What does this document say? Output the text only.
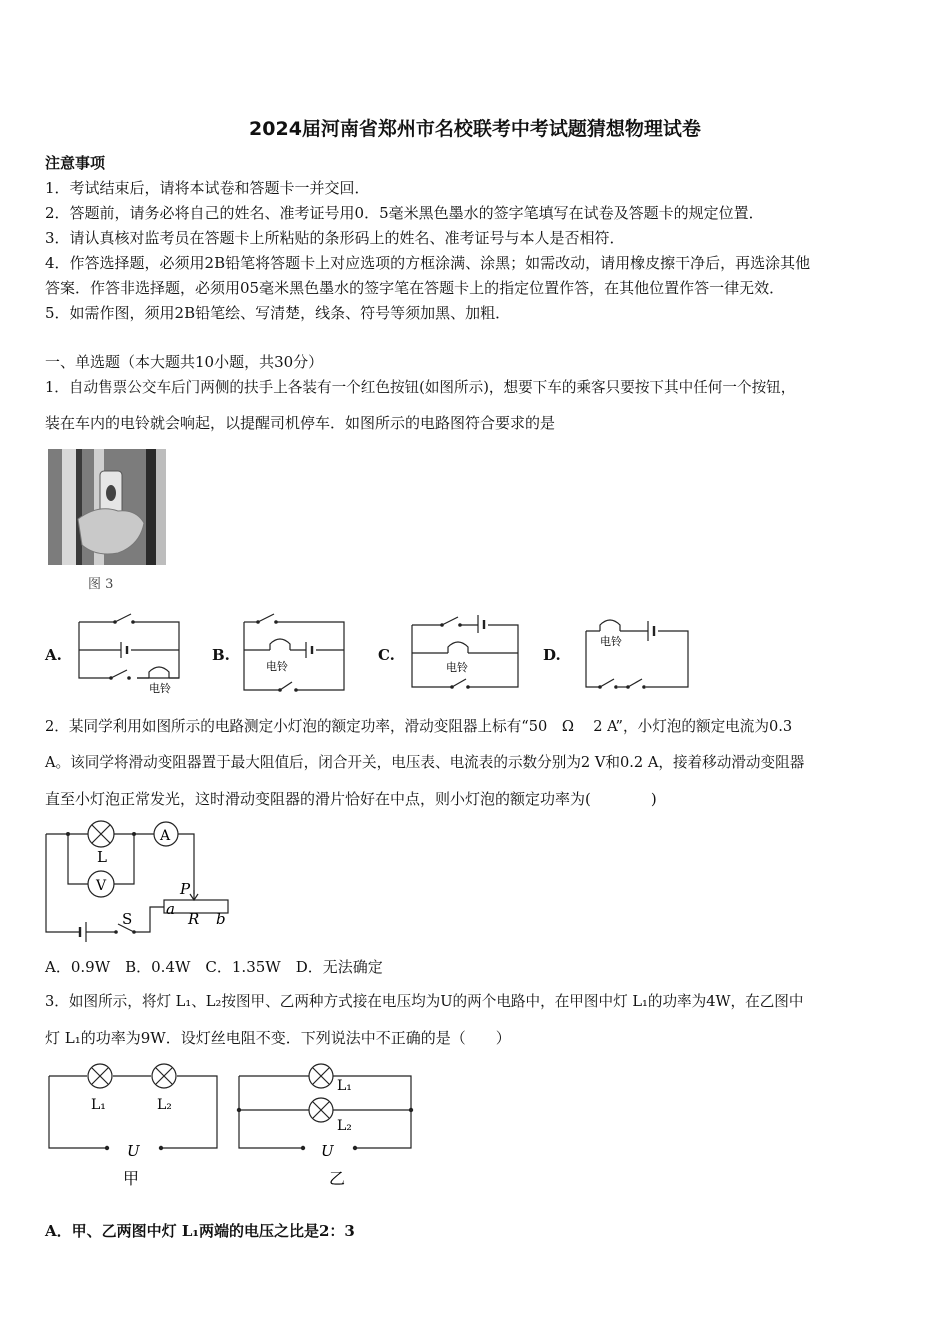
2024届河南省郑州市名校联考中考试题猜想物理试卷
注意事项
1．考试结束后，请将本试卷和答题卡一并交回．
2．答题前，请务必将自己的姓名、准考证号用0．5毫米黑色墨水的签字笔填写在试卷及答题卡的规定位置．
3．请认真核对监考员在答题卡上所粘贴的条形码上的姓名、准考证号与本人是否相符．
4．作答选择题，必须用2B铅笔将答题卡上对应选项的方框涂满、涂黑；如需改动，请用橡皮擦干净后，再选涂其他
答案．作答非选择题，必须用05毫米黑色墨水的签字笔在答题卡上的指定位置作答，在其他位置作答一律无效．
5．如需作图，须用2B铅笔绘、写清楚，线条、符号等须加黑、加粗．
一、单选题（本大题共10小题，共30分）
1．自动售票公交车后门两侧的扶手上各装有一个红色按钮(如图所示)，想要下车的乘客只要按下其中任何一个按钮，
装在车内的电铃就会响起，以提醒司机停车．如图所示的电路图符合要求的是
图 3
A.	B.	C.	D.
电铃
电铃	电铃
电铃
2．某同学利用如图所示的电路测定小灯泡的额定功率，滑动变阻器上标有“50　Ω　 2 A”，小灯泡的额定电流为0.3
A。该同学将滑动变阻器置于最大阻值后，闭合开关，电压表、电流表的示数分别为2 V和0.2 A，接着移动滑动变阻器
直至小灯泡正常发光，这时滑动变阻器的滑片恰好在中点，则小灯泡的额定功率为(　　　　)
L
V
A
P
a
R b
S
A．0.9W　B．0.4W　C．1.35W　D．无法确定
3．如图所示，将灯 L₁、L₂按图甲、乙两种方式接在电压均为U的两个电路中，在甲图中灯 L₁的功率为4W，在乙图中
灯 L₁的功率为9W．设灯丝电阻不变．下列说法中不正确的是（　　）
L₁	L₂
U
甲
L₁
L₂
U
乙
A．甲、乙两图中灯 L₁两端的电压之比是2：3
